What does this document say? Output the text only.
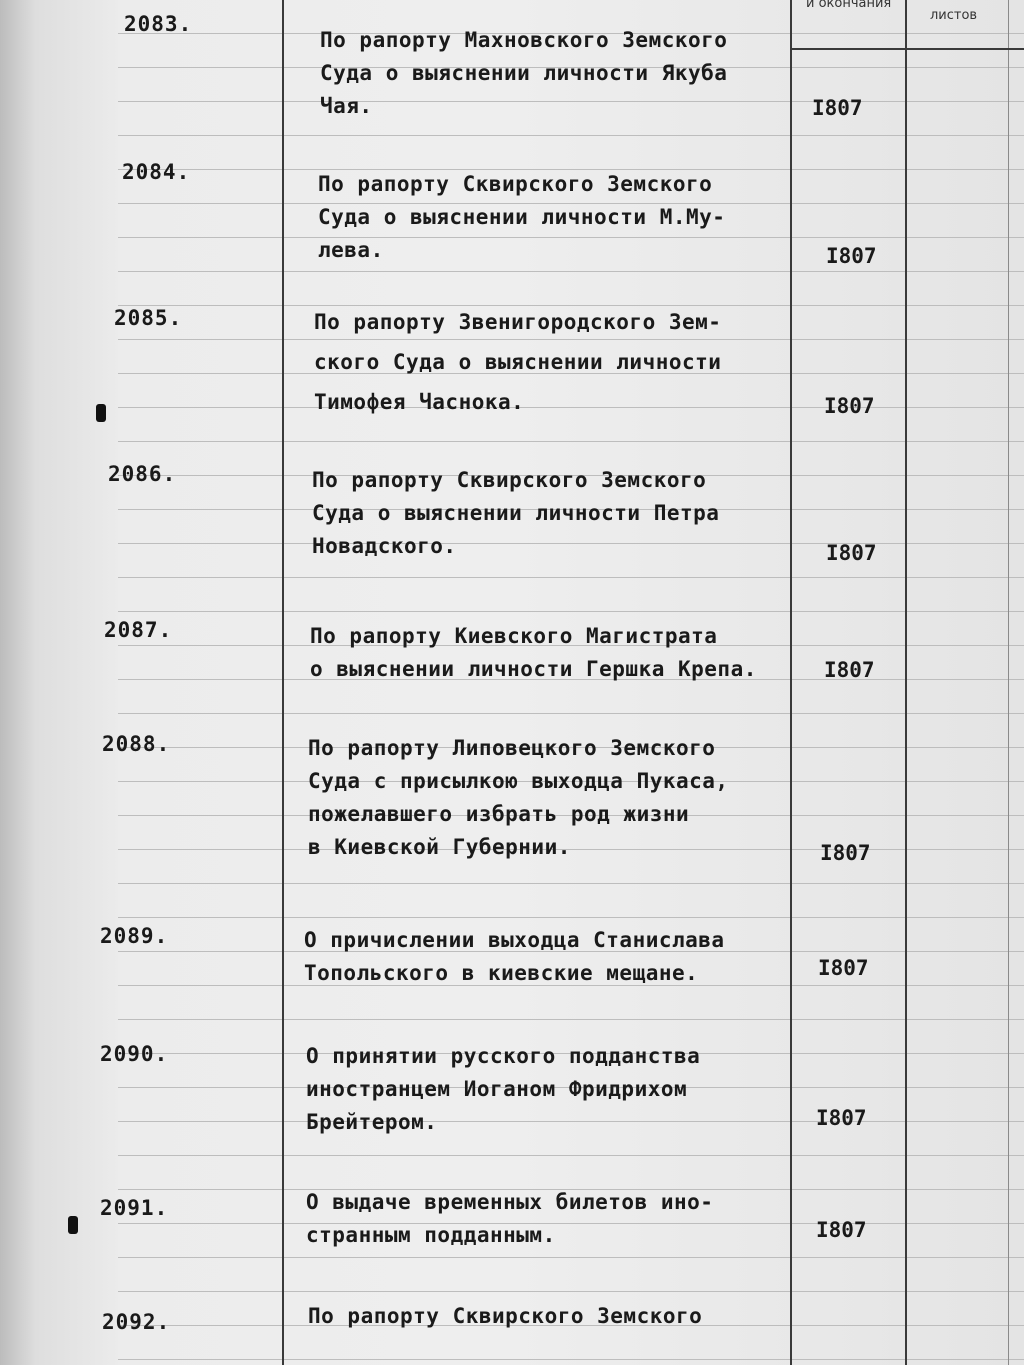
и окончания
листов
2083.
По рапорту Махновского Земского
Суда о выяснении личности Якуба
Чая.	I807
2084.	По рапорту Сквирского Земского
Суда о выяснении личности М.Му-
лева.	I807
2085.	По рапорту Звенигородского Зем-
ского Суда о выяснении личности
Тимофея Часнока.	I807
2086.	По рапорту Сквирского Земского
Суда о выяснении личности Петра
Новадского.	I807
2087.	По рапорту Киевского Магистрата
о выяснении личности Гершка Крепа.	I807
2088.	По рапорту Липовецкого Земского
Суда с присылкою выходца Пукаса,
пожелавшего избрать род жизни
в Киевской Губернии.	I807
2089.	О причислении выходца Станислава
Топольского в киевские мещане.	I807
2090.	О принятии русского подданства
иностранцем Иоганом Фридрихом
Брейтером.	I807
2091.	О выдаче временных билетов ино-
странным подданным.	I807
2092.	По рапорту Сквирского Земского
